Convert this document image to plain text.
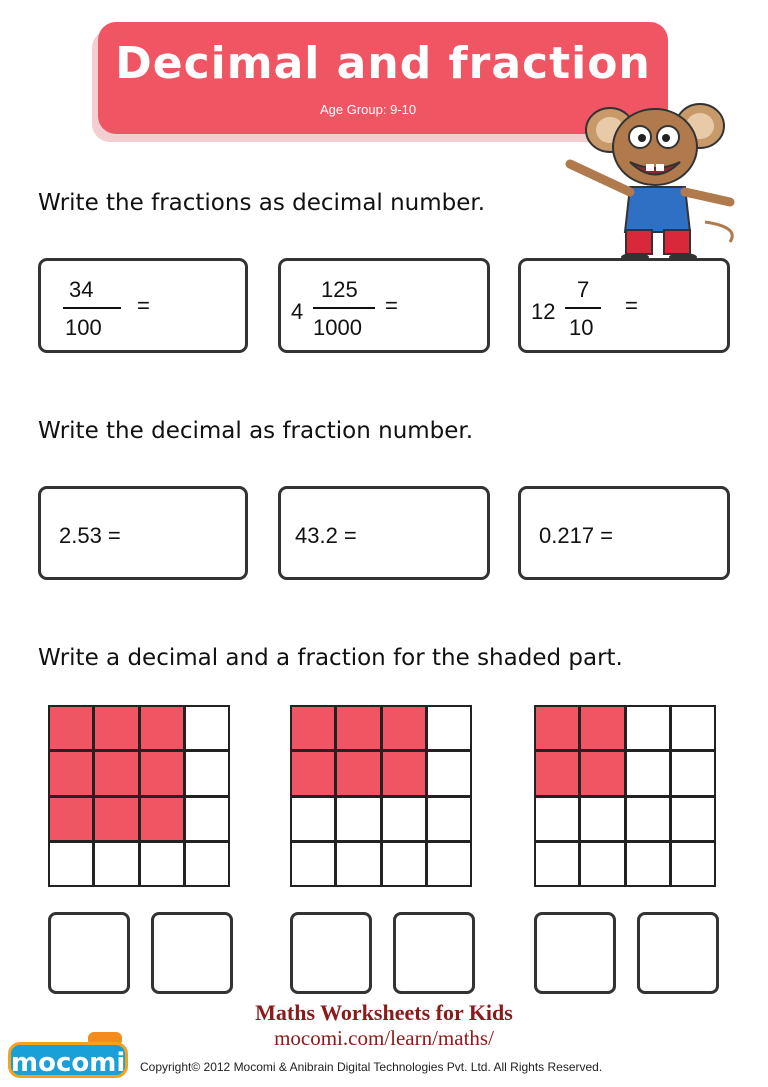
Decimal and fraction
Age Group: 9-10
Write the fractions as decimal number.
34
100
=	4
125
1000
=	12
7
10
=
Write the decimal as fraction number.
2.53 =	43.2 =	0.217 =
Write a decimal and a fraction for the shaded part.
Maths Worksheets for Kids
mocomi.com/learn/maths/
mocomi Copyright© 2012 Mocomi & Anibrain Digital Technologies Pvt. Ltd. All Rights Reserved.
